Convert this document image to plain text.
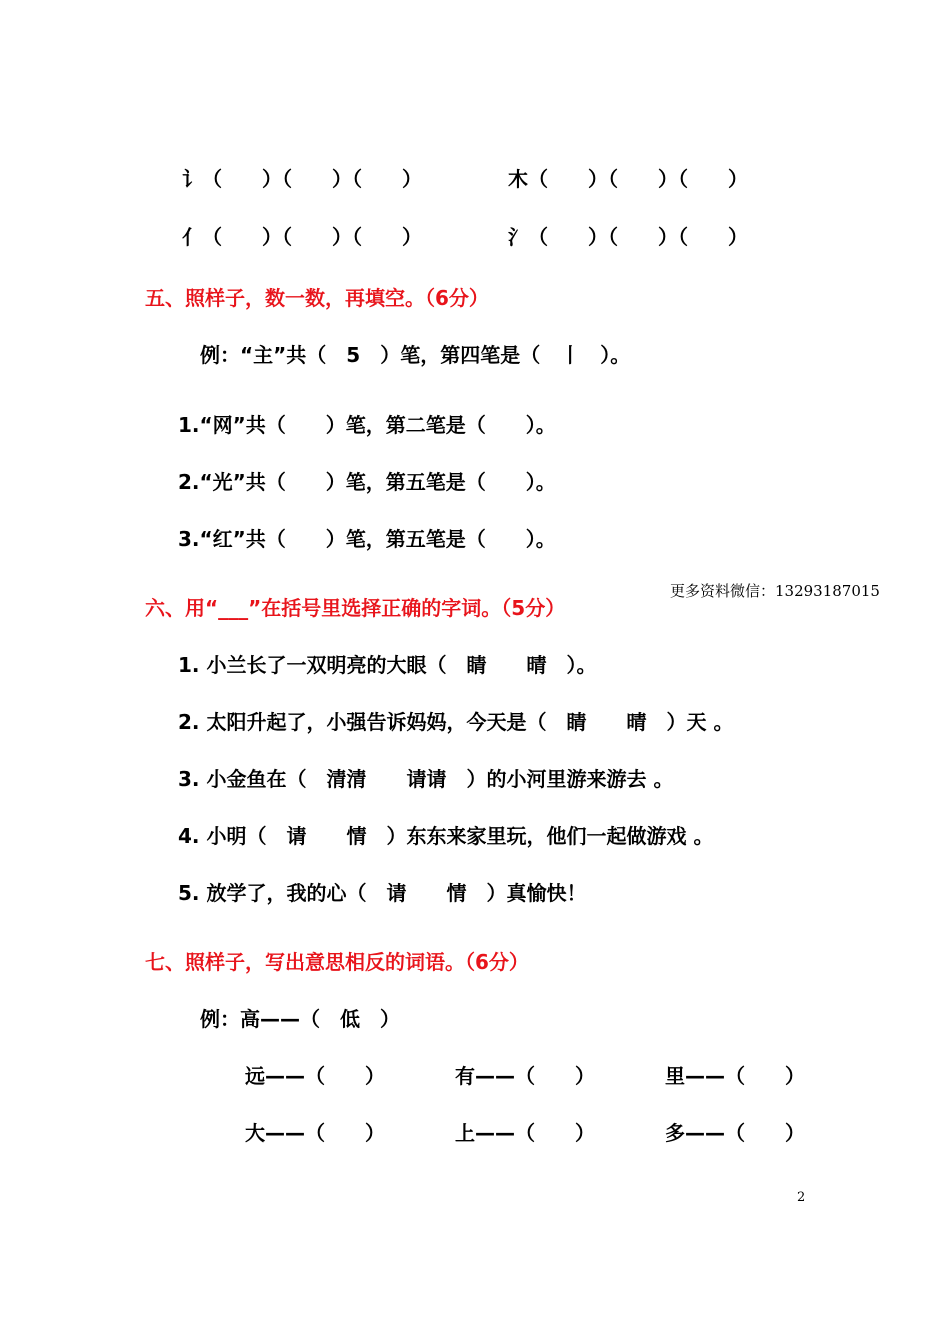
讠（　　）（　　）（　　）	木（　　）（　　）（　　）
亻（　　）（　　）（　　）	氵（　　）（　　）（　　）
五、照样子，数一数，再填空。（6分）
例：“主”共（　5　）笔，第四笔是（　丨　）。
1.“网”共（　　）笔，第二笔是（　　）。
2.“光”共（　　）笔，第五笔是（　　）。
3.“红”共（　　）笔，第五笔是（　　）。
更多资料微信：13293187015
六、用“___”在括号里选择正确的字词。（5分）
1. 小兰长了一双明亮的大眼（　睛　　晴　）。
2. 太阳升起了，小强告诉妈妈，今天是（　睛　　晴　）天 。
3. 小金鱼在（　清清　　请请　）的小河里游来游去 。
4. 小明（　请　　情　）东东来家里玩，他们一起做游戏 。
5. 放学了，我的心（　请　　情　）真愉快！
七、照样子，写出意思相反的词语。（6分）
例：高——（　低　）
远——（　　）	有——（　　）	里——（　　）
大——（　　）	上——（　　）	多——（　　）
2
